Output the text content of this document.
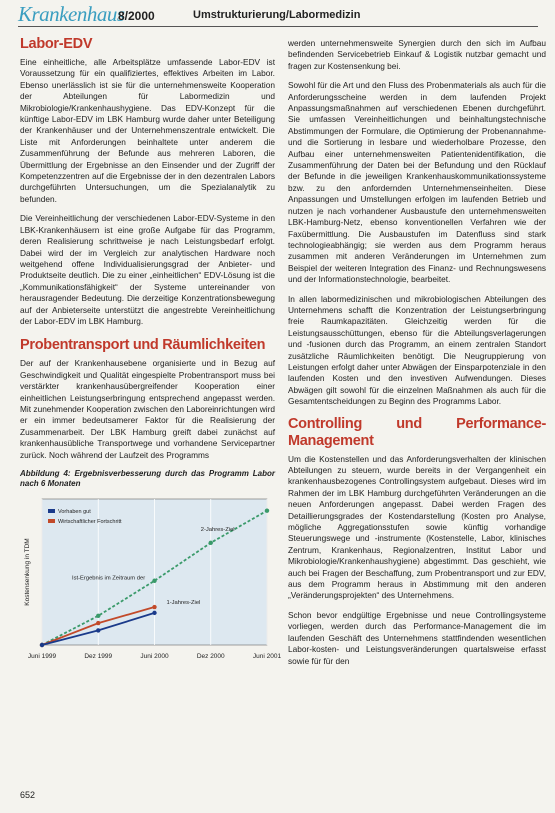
Krankenhaus
8/2000	Umstrukturierung/Labormedizin
Labor-EDV

Eine einheitliche, alle Arbeitsplätze umfassende Labor-EDV ist Voraussetzung für ein qualifiziertes, effektives Arbeiten im Labor. Ebenso unerlässlich ist sie für die unternehmensweite Kooperation der Abteilungen für Labormedizin und Mikrobiologie/Krankenhaushygiene. Das EDV-Konzept für die künftige Labor-EDV im LBK Hamburg wurde daher unter Beteiligung der Krankenhäuser und der Unternehmenszentrale entwickelt. Die Liste mit Anforderungen beinhaltete unter anderem die Zusammenführung der Befunde aus mehreren Laboren, die Übermittlung der Ergebnisse an den Einsender und der Zugriff der Kompetenzzentren auf die Ergebnisse der in den dezentralen Labors durchgeführten Untersuchungen, um die Spezialanalytik zu befunden.

Die Vereinheitlichung der verschiedenen Labor-EDV-Systeme in den LBK-Krankenhäusern ist eine große Aufgabe für das Programm, deren Realisierung schrittweise je nach Leistungsbedarf erfolgt. Dabei wird der im Vergleich zur analytischen Hardware noch weitgehend offene Individualisierungsgrad der Anbieter- und Produktseite deutlich. Die zu einer „einheitlichen“ EDV-Lösung ist die „Kommunikationsfähigkeit“ der Systeme untereinander von herausragender Bedeutung. Die derzeitige Konzentrationsbewegung auf der Anbieterseite unterstützt die angestrebte Vereinheitlichung der Labor-EDV im LBK Hamburg.

Probentransport und Räumlichkeiten

Der auf der Krankenhausebene organisierte und in Bezug auf Geschwindigkeit und Qualität eingespielte Probentransport muss bei verstärkter krankenhausübergreifender Kooperation einer einheitlichen Leistungserbringung entsprechend angepasst werden. Mit zunehmender Kooperation zwischen den Laboreinrichtungen wird er ein immer bedeutsamerer Faktor für die Realisierung der Zusammenarbeit. Der LBK Hamburg greift dabei zunächst auf krankenhausübliche Transportwege und vorhandene Servicepartner zurück. Noch während der Laufzeit des Programms

Abbildung 4: Ergebnisverbesserung durch das Programm Labor nach 6 Monaten
Juni 1999	Dez 1999	Juni 2000	Dez 2000	Juni 2001
Kostensenkung in TDM
Vorhaben gut
Wirtschaftlicher Fortschritt
2-Jahres-Ziel
Ist-Ergebnis im Zeitraum der
1-Jahres-Ziel

werden unternehmensweite Synergien durch den sich im Aufbau befindenden Servicebetrieb Einkauf & Logistik nutzbar gemacht und fragen zur Kostensenkung bei.

Sowohl für die Art und den Fluss des Probenmaterials als auch für die Anforderungsscheine werden in dem laufenden Projekt Anpassungsmaßnahmen auf verschiedenen Ebenen durchgeführt. Sie umfassen Vereinheitlichungen und beinhaltungstechnische Abstimmungen der Formulare, die Optimierung der Probenannahme- und die Sortierung in lesbare und wiederholbare Prozesse, den Aufbau einer unternehmensweiten Patientenidentifikation, die Zusammenführung der Daten bei der Befundung und den Rücklauf der Befunde in die jeweiligen Krankenhauskommunikationssysteme bzw. zu den anfordernden Unternehmenseinheiten. Diese Anpassungen und Umstellungen erfolgen im laufenden Betrieb und nutzen je nach vorhandener Ausbaustufe den unternehmensweiten LBK-Hamburg-Netz, ebenso konventionellen Verfahren wie der Faxübermittlung. Die Ausbaustufen im Datenfluss sind stark technologieabhängig; sie werden aus dem Programm heraus zusammen mit anderen Veränderungen im Unternehmen zum Beispiel der weiteren Integration des Finanz- und Rechnungswesens und der Informationstechnologie, bearbeitet.

In allen labormedizinischen und mikrobiologischen Abteilungen des Unternehmens schafft die Konzentration der Leistungserbringung freie Raumkapazitäten. Gleichzeitig werden für die Leistungsausschüttungen, ebenso für die Abteilungsverlagerungen und -fusionen durch das Programm, an einem zentralen Standort zusätzliche Räumlichkeiten benötigt. Die Neugruppierung von Leistungen erfolgt daher unter Abwägen der Einsparpotenziale in den laufenden Kosten und den investiven Aufwendungen. Dieses Abwägen gilt sowohl für die einzelnen Maßnahmen als auch für die Gesamtentscheidungen zu Beginn des Programms Labor.

Controlling und Performance-Management

Um die Kostenstellen und das Anforderungsverhalten der klinischen Abteilungen zu steuern, wurde bereits in der Vergangenheit ein krankenhausbezogenes Controllingsystem aufgebaut. Dieses wird im Rahmen der im LBK Hamburg durchgeführten Veränderungen an die neuen Anforderungen angepasst. Dabei werden Fragen des Detaillierungsgrades der Kostendarstellung (Kosten pro Analyse, mögliche Aggregationsstufen sowie künftig vorhandige Steuerungswege und -instrumente (Kostenstelle, Labor, klinisches Zentrum, Krankenhaus, Regionalzentren, Institut Labor und Mikrobiologie/Krankenhaushygiene) abgestimmt. Das geschieht, wie auch bei Fragen der Beschaffung, zum Probentransport und zur EDV, aus dem Programm heraus in Abstimmung mit den anderen „Veränderungsprojekten“ des Unternehmens.

Schon bevor endgültige Ergebnisse und neue Controllingsysteme vorliegen, werden durch das Performance-Management die im laufenden Geschäft des Unternehmens stattfindenden wesentlichen Labor-kosten- und Leistungsveränderungen quartalsweise erfasst sowie für für den

652
